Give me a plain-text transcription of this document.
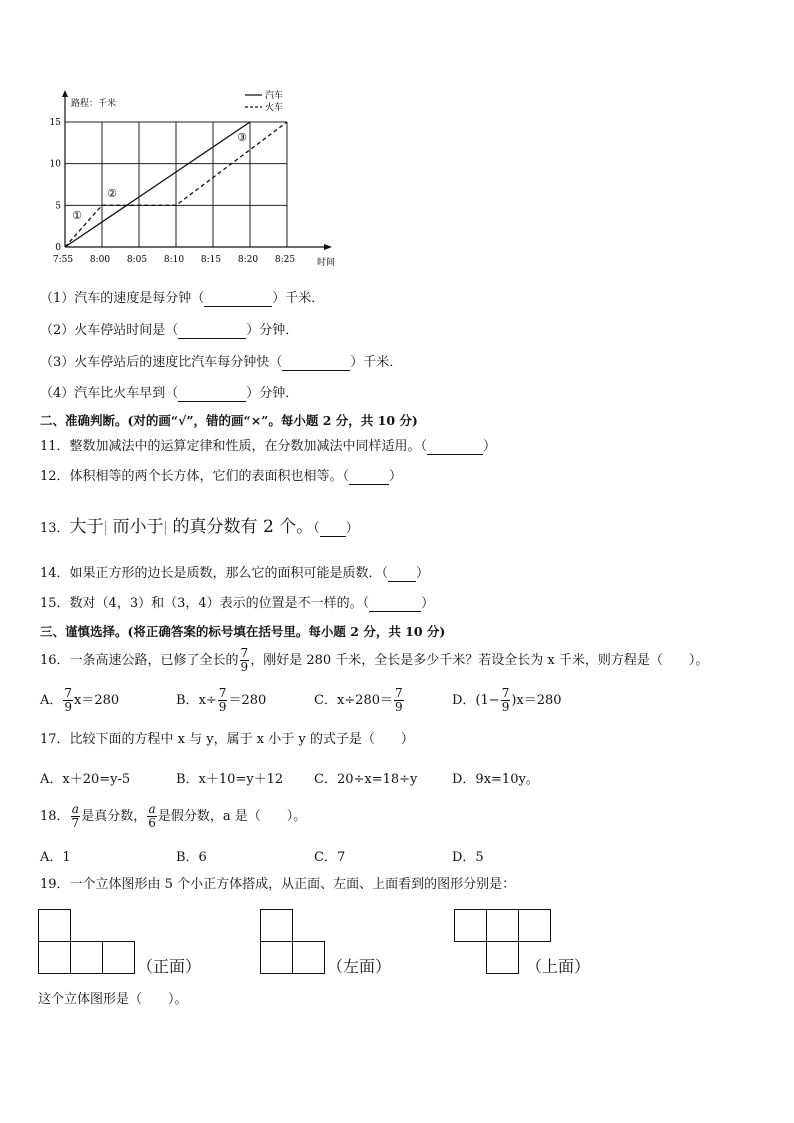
7:55 8:00 8:05 8:10 8:15 8:20 8:25
0
5
10
15
路程：千米
时间
汽车
火车
①
②
③
（1）汽车的速度是每分钟（	）千米．
（2）火车停站时间是（	）分钟．
（3）火车停站后的速度比汽车每分钟快（	）千米．
（4）汽车比火车早到（	）分钟．
二、准确判断。(对的画“√”，错的画“×”。每小题 2 分，共 10 分)
11．整数加减法中的运算定律和性质，在分数加减法中同样适用。（	）
12．体积相等的两个长方体，它们的表面积也相等。（	）
13．大于 而小于 的真分数有 2 个。（ ）
14．如果正方形的边长是质数，那么它的面积可能是质数．（ ）
15．数对（4，3）和（3，4）表示的位置是不一样的。（	）
三、谨慎选择。(将正确答案的标号填在括号里。每小题 2 分，共 10 分)
16．一条高速公路，已修了全长的 $\frac{7}{9}$ ，刚好是 280 千米，全长是多少千米？若设全长为 x 千米，则方程是（　　）。
A． $\frac{7}{9} x=280$	B．$x\div \frac{7}{9} =280$	C．$x\div 280= \frac{7}{9}$	D．$(1- \frac{7}{9} )x=280$
17．比较下面的方程中 x 与 y，属于 x 小于 y 的式子是（　　）
A．x＋20=y-5	B．x＋10=y＋12 C．20÷x=18÷y	D．9x=10y。
18． $\frac{a}{7}$ 是真分数， $\frac{a}{6}$ 是假分数，a 是（　　）。
A．1	B．6	C．7	D．5
19．一个立体图形由 5 个小正方体搭成，从正面、左面、上面看到的图形分别是：
（正面）	（左面）	（上面）
这个立体图形是（　　）。
